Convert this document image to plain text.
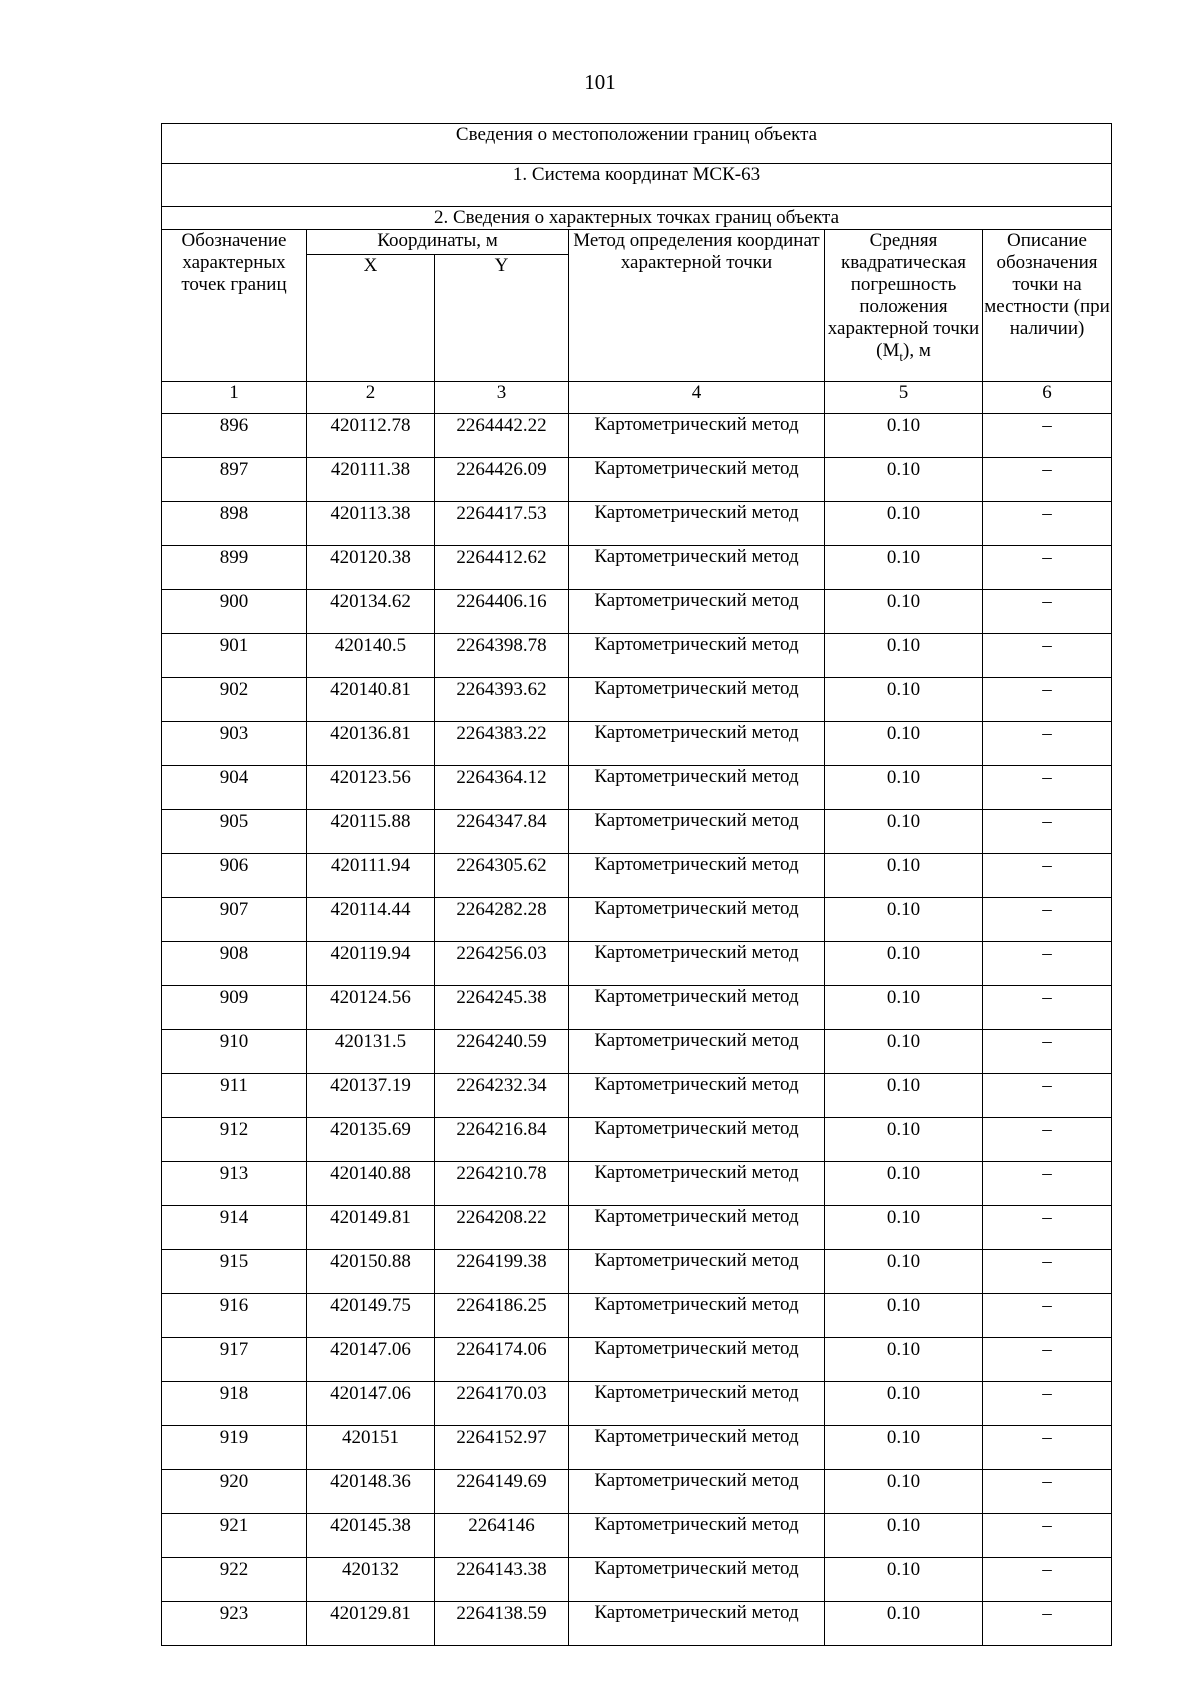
101
Сведения о местоположении границ объекта					
1. Система координат МСК-63					
2. Сведения о характерных точках границ объекта					
Обозначение характерных точек границ	Координаты, м		Метод определения координат характерной точки	Средняя квадратическая погрешность положения характерной точки $(M_t)$, м	Описание обозначения точки на местности (при наличии)
	X	Y			
1	2	3	4	5	6
896	420112.78	2264442.22	Картометрический метод	0.10	–
897	420111.38	2264426.09	Картометрический метод	0.10	–
898	420113.38	2264417.53	Картометрический метод	0.10	–
899	420120.38	2264412.62	Картометрический метод	0.10	–
900	420134.62	2264406.16	Картометрический метод	0.10	–
901	420140.5	2264398.78	Картометрический метод	0.10	–
902	420140.81	2264393.62	Картометрический метод	0.10	–
903	420136.81	2264383.22	Картометрический метод	0.10	–
904	420123.56	2264364.12	Картометрический метод	0.10	–
905	420115.88	2264347.84	Картометрический метод	0.10	–
906	420111.94	2264305.62	Картометрический метод	0.10	–
907	420114.44	2264282.28	Картометрический метод	0.10	–
908	420119.94	2264256.03	Картометрический метод	0.10	–
909	420124.56	2264245.38	Картометрический метод	0.10	–
910	420131.5	2264240.59	Картометрический метод	0.10	–
911	420137.19	2264232.34	Картометрический метод	0.10	–
912	420135.69	2264216.84	Картометрический метод	0.10	–
913	420140.88	2264210.78	Картометрический метод	0.10	–
914	420149.81	2264208.22	Картометрический метод	0.10	–
915	420150.88	2264199.38	Картометрический метод	0.10	–
916	420149.75	2264186.25	Картометрический метод	0.10	–
917	420147.06	2264174.06	Картометрический метод	0.10	–
918	420147.06	2264170.03	Картометрический метод	0.10	–
919	420151	2264152.97	Картометрический метод	0.10	–
920	420148.36	2264149.69	Картометрический метод	0.10	–
921	420145.38	2264146	Картометрический метод	0.10	–
922	420132	2264143.38	Картометрический метод	0.10	–
923	420129.81	2264138.59	Картометрический метод	0.10	–
